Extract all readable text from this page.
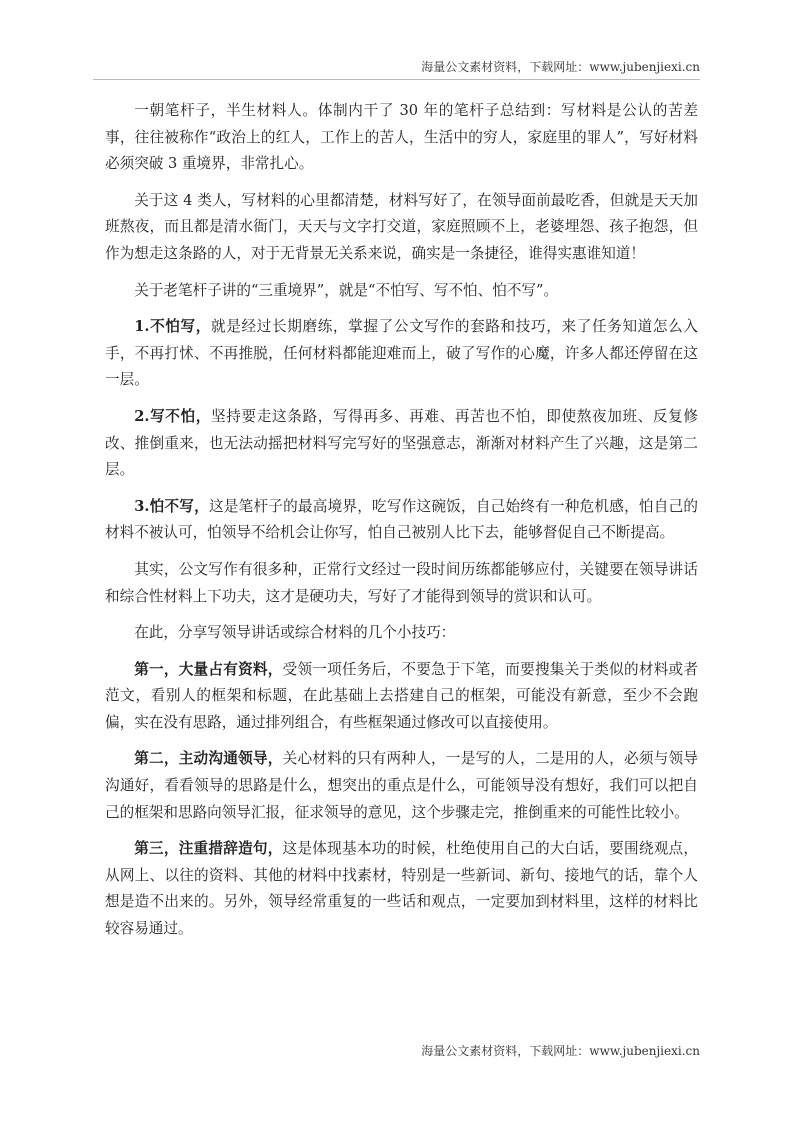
海量公文素材资料，下载网址：www.jubenjiexi.cn

一朝笔杆子，半生材料人。体制内干了 30 年的笔杆子总结到：写材料是公认的苦差事，往往被称作“政治上的红人，工作上的苦人，生活中的穷人，家庭里的罪人”，写好材料必须突破 3 重境界，非常扎心。

关于这 4 类人，写材料的心里都清楚，材料写好了，在领导面前最吃香，但就是天天加班熬夜，而且都是清水衙门，天天与文字打交道，家庭照顾不上，老婆埋怨、孩子抱怨，但作为想走这条路的人，对于无背景无关系来说，确实是一条捷径，谁得实惠谁知道！

关于老笔杆子讲的“三重境界”，就是“不怕写、写不怕、怕不写”。

1.不怕写，就是经过长期磨练，掌握了公文写作的套路和技巧，来了任务知道怎么入手，不再打怵、不再推脱，任何材料都能迎难而上，破了写作的心魔，许多人都还停留在这一层。

2.写不怕，坚持要走这条路，写得再多、再难、再苦也不怕，即使熬夜加班、反复修改、推倒重来，也无法动摇把材料写完写好的坚强意志，渐渐对材料产生了兴趣，这是第二层。

3.怕不写，这是笔杆子的最高境界，吃写作这碗饭，自己始终有一种危机感，怕自己的材料不被认可，怕领导不给机会让你写，怕自己被别人比下去，能够督促自己不断提高。

其实，公文写作有很多种，正常行文经过一段时间历练都能够应付，关键要在领导讲话和综合性材料上下功夫，这才是硬功夫，写好了才能得到领导的赏识和认可。

在此，分享写领导讲话或综合材料的几个小技巧：

第一，大量占有资料，受领一项任务后，不要急于下笔，而要搜集关于类似的材料或者范文，看别人的框架和标题，在此基础上去搭建自己的框架，可能没有新意，至少不会跑偏，实在没有思路，通过排列组合，有些框架通过修改可以直接使用。

第二，主动沟通领导，关心材料的只有两种人，一是写的人，二是用的人，必须与领导沟通好，看看领导的思路是什么，想突出的重点是什么，可能领导没有想好，我们可以把自己的框架和思路向领导汇报，征求领导的意见，这个步骤走完，推倒重来的可能性比较小。

第三，注重措辞造句，这是体现基本功的时候，杜绝使用自己的大白话，要围绕观点，从网上、以往的资料、其他的材料中找素材，特别是一些新词、新句、接地气的话，靠个人想是造不出来的。另外，领导经常重复的一些话和观点，一定要加到材料里，这样的材料比较容易通过。

海量公文素材资料，下载网址：www.jubenjiexi.cn
